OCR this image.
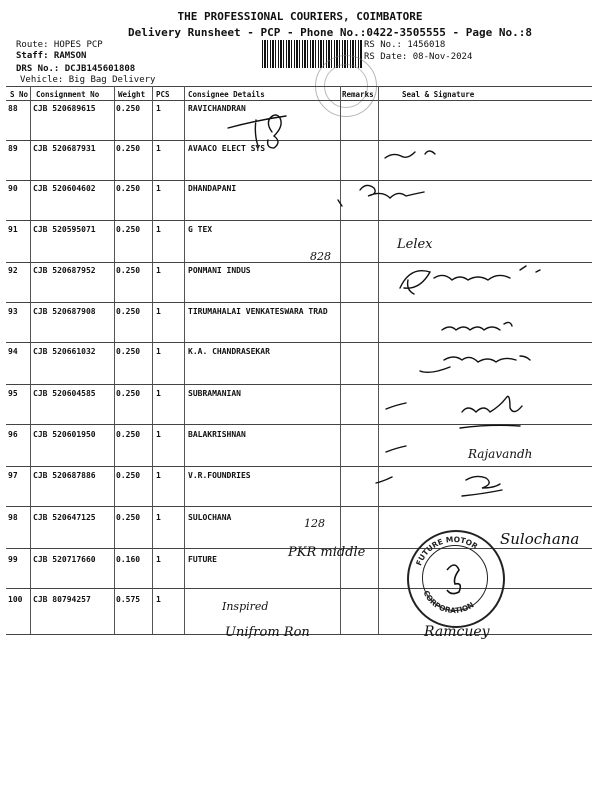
THE PROFESSIONAL COURIERS, COIMBATORE
Delivery Runsheet - PCP - Phone No.:0422-3505555 - Page No.:8
Route: HOPES PCP
Staff: RAMSON
DRS No.: DCJB145601808
Vehicle: Big Bag Delivery
RS No.: 1456018
RS Date: 08-Nov-2024
S No Consignment No	Weight PCS Consignee Details	Remarks	Seal & Signature
88 CJB 520689615	0.250 1	RAVICHANDRAN
89 CJB 520687931	0.250 1	AVAACO ELECT SYS
90 CJB 520604602	0.250 1	DHANDAPANI
91 CJB 520595071	0.250 1	G TEX
92 CJB 520687952	0.250 1	PONMANI INDUS
93 CJB 520687908	0.250 1	TIRUMAHALAI VENKATESWARA TRAD
94 CJB 520661032	0.250 1	K.A. CHANDRASEKAR
95 CJB 520604585	0.250 1	SUBRAMANIAN
96 CJB 520601950	0.250 1	BALAKRISHNAN
97 CJB 520687886	0.250 1	V.R.FOUNDRIES
98 CJB 520647125	0.250 1	SULOCHANA
99 CJB 520717660	0.160 1	FUTURE
100 CJB 80794257	0.575 1
828
Lelex
Rajavandh
128
PKR middle
Sulochana
Inspired
Unifrom Ron	Ramcuey
FUTURE MOTOR
CORPORATION
